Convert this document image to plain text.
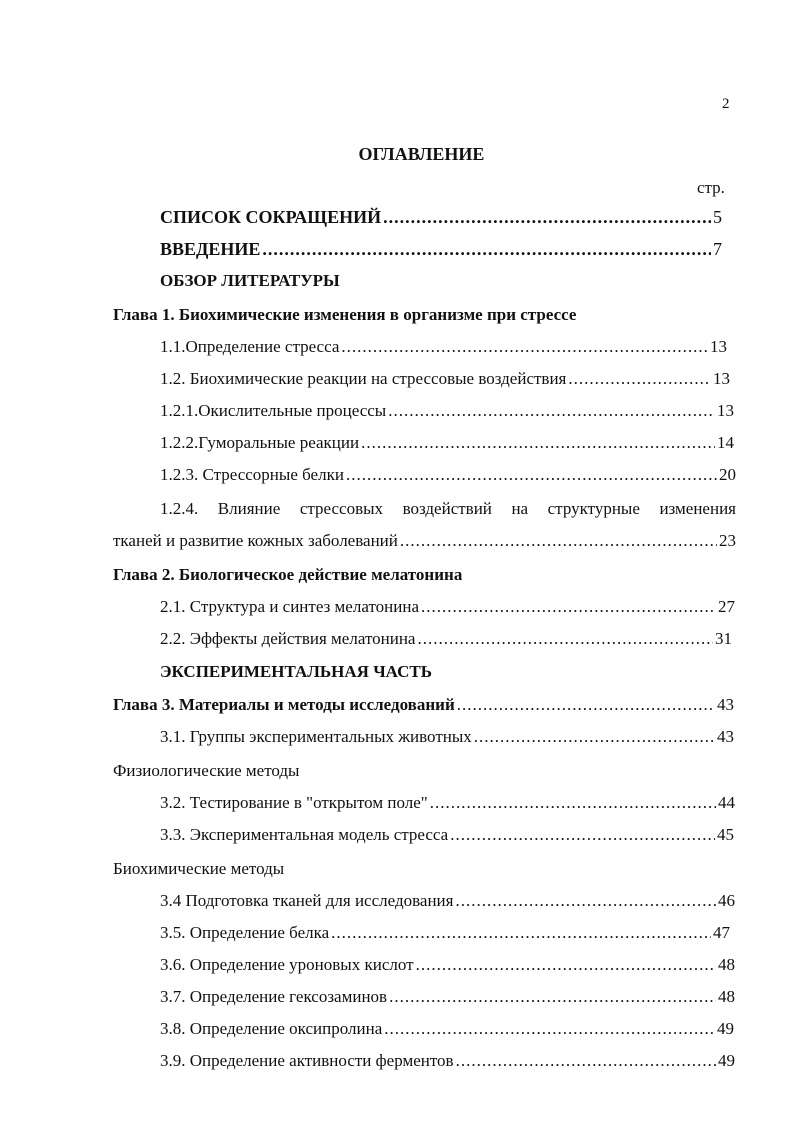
2
ОГЛАВЛЕНИЕ
стр.
СПИСОК СОКРАЩЕНИЙ .....	5
ВВЕДЕНИЕ .....	7
ОБЗОР ЛИТЕРАТУРЫ
Глава 1. Биохимические изменения в организме при стрессе
1.1.Определение стресса .....	13
1.2. Биохимические реакции на стрессовые воздействия .....	13
1.2.1.Окислительные процессы .....	13
1.2.2.Гуморальные реакции .....	14
1.2.3. Стрессорные белки .....	20
1.2.4. Влияние стрессовых воздействий на структурные изменения
тканей и развитие кожных заболеваний .....	23
Глава 2. Биологическое действие мелатонина
2.1. Структура и синтез мелатонина .....	27
2.2. Эффекты действия мелатонина .....	31
ЭКСПЕРИМЕНТАЛЬНАЯ ЧАСТЬ
Глава 3. Материалы и методы исследований .....	43
3.1. Группы экспериментальных животных .....	43
Физиологические методы
3.2. Тестирование в "открытом поле" .....	44
3.3. Экспериментальная модель стресса .....	45
Биохимические методы
3.4 Подготовка тканей для исследования .....	46
3.5. Определение белка .....	47
3.6. Определение уроновых кислот .....	48
3.7. Определение гексозаминов .....	48
3.8. Определение оксипролина .....	49
3.9. Определение активности ферментов .....	49
